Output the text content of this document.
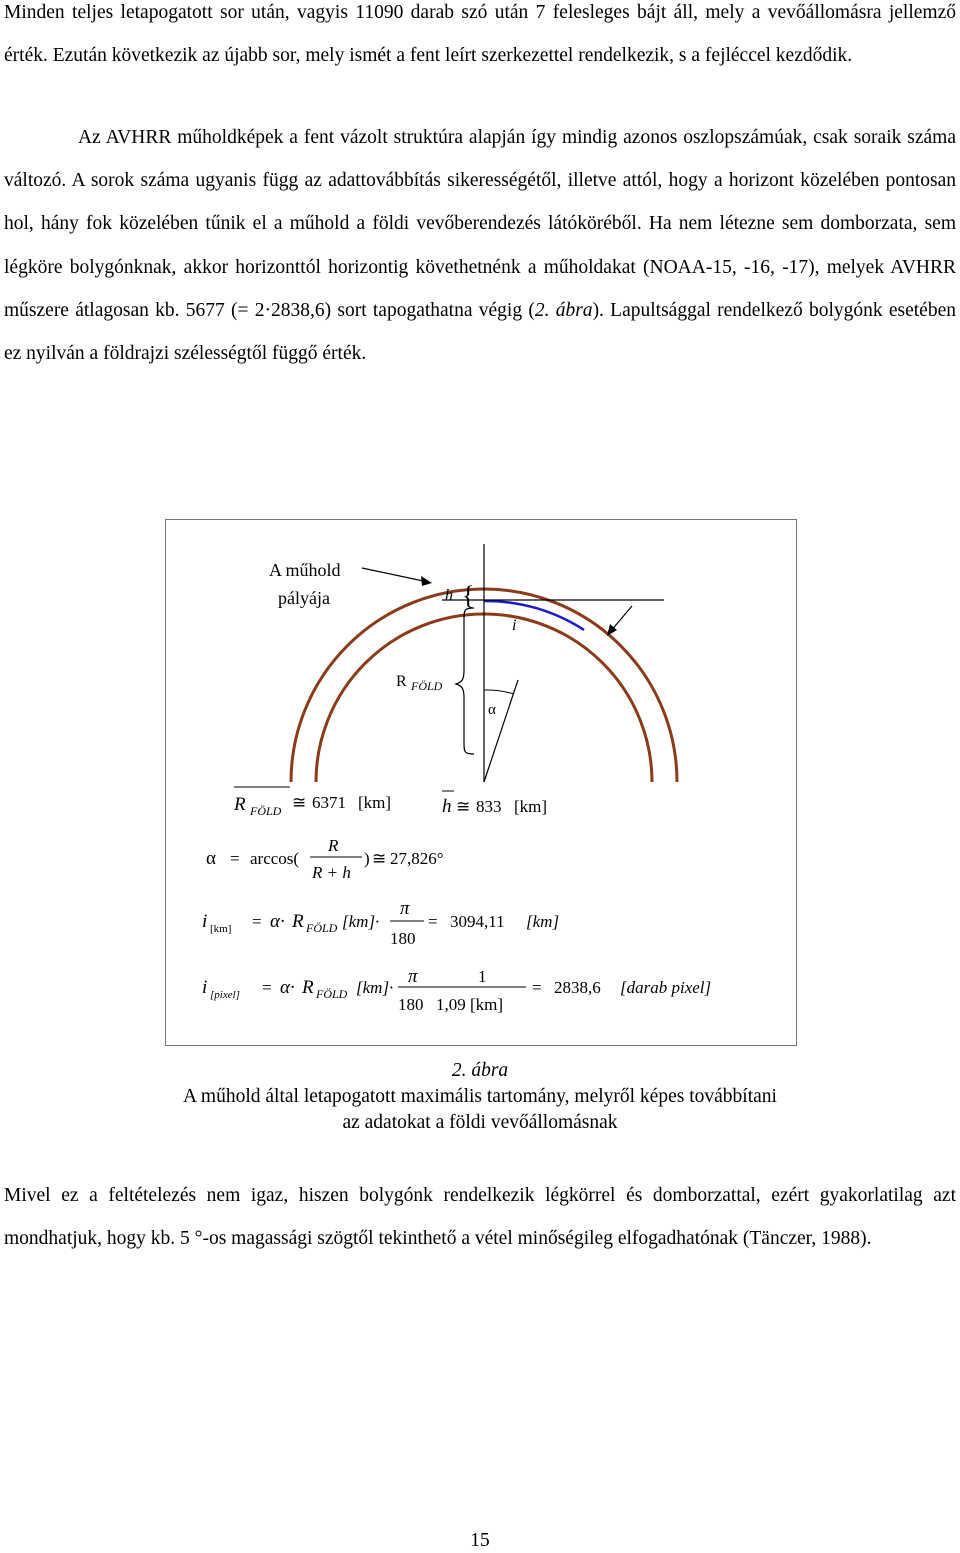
Minden teljes letapogatott sor után, vagyis 11090 darab szó után 7 felesleges bájt áll, mely a vevőállomásra jellemző érték. Ezután következik az újabb sor, mely ismét a fent leírt szerkezettel rendelkezik, s a fejléccel kezdődik.

Az AVHRR műholdképek a fent vázolt struktúra alapján így mindig azonos oszlopszámúak, csak soraik száma változó. A sorok száma ugyanis függ az adattovábbítás sikerességétől, illetve attól, hogy a horizont közelében pontosan hol, hány fok közelében tűnik el a műhold a földi vevőberendezés látóköréből. Ha nem létezne sem domborzata, sem légköre bolygónknak, akkor horizonttól horizontig követhetnénk a műholdakat (NOAA-15, -16, -17), melyek AVHRR műszere átlagosan kb. 5677 (= 2·2838,6) sort tapogathatna végig (2. ábra). Lapultsággal rendelkező bolygónk esetében ez nyilván a földrajzi szélességtől függő érték.

A műhold
pályája	h {
i
R FÖLD
α
R FÖLD ≅ 6371 [km]	h ≅ 833 [km]
α = arccos(
R
R + h
) ≅ 27,826°
i [km] = α· R FÖLD [km]·
π
180
= 3094,11 [km]
i [pixel] = α· R FÖLD [km]·
π
180
1
1,09 [km]
= 2838,6 [darab pixel]
2. ábra
A műhold által letapogatott maximális tartomány, melyről képes továbbítani
az adatokat a földi vevőállomásnak

Mivel ez a feltételezés nem igaz, hiszen bolygónk rendelkezik légkörrel és domborzattal, ezért gyakorlatilag azt mondhatjuk, hogy kb. 5 °-os magassági szögtől tekinthető a vétel minőségileg elfogadhatónak (Tänczer, 1988).

15
